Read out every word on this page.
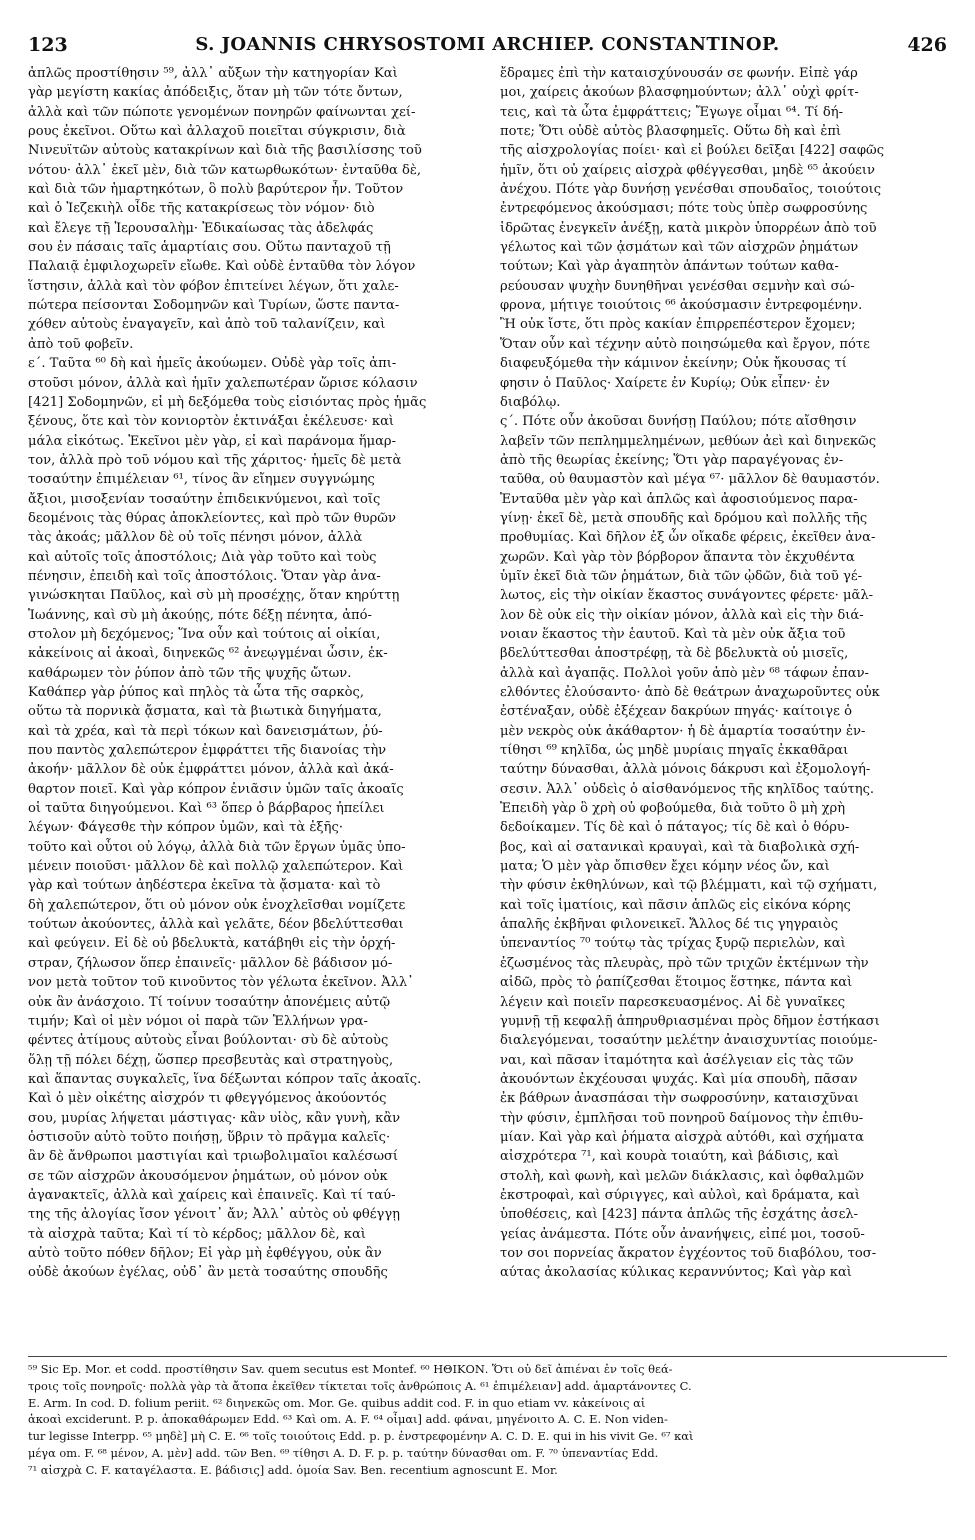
123	S. JOANNIS CHRYSOSTOMI ARCHIEP. CONSTANTINOP.	426
ἁπλῶς προστίθησιν ⁵⁹, ἀλλ᾽ αὔξων τὴν κατηγορίαν Καὶ
γὰρ μεγίστη κακίας ἀπόδειξις, ὅταν μὴ τῶν τότε ὄντων,
ἀλλὰ καὶ τῶν πώποτε γενομένων πονηρῶν φαίνωνται χεί-
ρους ἐκεῖνοι. Οὕτω καὶ ἀλλαχοῦ ποιεῖται σύγκρισιν, διὰ
Νινευϊτῶν αὐτοὺς κατακρίνων καὶ διὰ τῆς βασιλίσσης τοῦ
νότου· ἀλλ᾽ ἐκεῖ μὲν, διὰ τῶν κατωρθωκότων· ἐνταῦθα δὲ,
καὶ διὰ τῶν ἡμαρτηκότων, ὃ πολὺ βαρύτερον ἦν. Τοῦτον
καὶ ὁ Ἰεζεκιὴλ οἶδε τῆς κατακρίσεως τὸν νόμον· διὸ
καὶ ἔλεγε τῇ Ἱερουσαλὴμ· Ἐδικαίωσας τὰς ἀδελφάς
σου ἐν πάσαις ταῖς ἁμαρτίαις σου. Οὕτω πανταχοῦ τῇ
Παλαιᾷ ἐμφιλοχωρεῖν εἴωθε. Καὶ οὐδὲ ἐνταῦθα τὸν λόγον
ἵστησιν, ἀλλὰ καὶ τὸν φόβον ἐπιτείνει λέγων, ὅτι χαλε-
πώτερα πείσονται Σοδομηνῶν καὶ Τυρίων, ὥστε παντα-
χόθεν αὐτοὺς ἐναγαγεῖν, καὶ ἀπὸ τοῦ ταλανίζειν, καὶ
ἀπὸ τοῦ φοβεῖν.
ε΄. Ταῦτα ⁶⁰ δὴ καὶ ἡμεῖς ἀκούωμεν. Οὐδὲ γὰρ τοῖς ἀπι-
στοῦσι μόνον, ἀλλὰ καὶ ἡμῖν χαλεπωτέραν ὥρισε κόλασιν
[421] Σοδομηνῶν, εἰ μὴ δεξόμεθα τοὺς εἰσιόντας πρὸς ἡμᾶς
ξένους, ὅτε καὶ τὸν κονιορτὸν ἐκτινάξαι ἐκέλευσε· καὶ
μάλα εἰκότως. Ἐκεῖνοι μὲν γὰρ, εἰ καὶ παράνομα ἥμαρ-
τον, ἀλλὰ πρὸ τοῦ νόμου καὶ τῆς χάριτος· ἡμεῖς δὲ μετὰ
τοσαύτην ἐπιμέλειαν ⁶¹, τίνος ἂν εἴημεν συγγνώμης
ἄξιοι, μισοξενίαν τοσαύτην ἐπιδεικνύμενοι, καὶ τοῖς
δεομένοις τὰς θύρας ἀποκλείοντες, καὶ πρὸ τῶν θυρῶν
τὰς ἀκοάς; μᾶλλον δὲ οὐ τοῖς πένησι μόνον, ἀλλὰ
καὶ αὐτοῖς τοῖς ἀποστόλοις; Διὰ γὰρ τοῦτο καὶ τοὺς
πένησιν, ἐπειδὴ καὶ τοῖς ἀποστόλοις. Ὅταν γὰρ ἀνα-
γινώσκηται Παῦλος, καὶ σὺ μὴ προσέχῃς, ὅταν κηρύττῃ
Ἰωάννης, καὶ σὺ μὴ ἀκούῃς, πότε δέξῃ πένητα, ἀπό-
στολον μὴ δεχόμενος; Ἵνα οὖν καὶ τούτοις αἱ οἰκίαι,
κἀκείνοις αἱ ἀκοαὶ, διηνεκῶς ⁶² ἀνεῳγμέναι ὦσιν, ἐκ-
καθάρωμεν τὸν ῥύπον ἀπὸ τῶν τῆς ψυχῆς ὤτων.
Καθάπερ γὰρ ῥύπος καὶ πηλὸς τὰ ὦτα τῆς σαρκὸς,
οὕτω τὰ πορνικὰ ᾄσματα, καὶ τὰ βιωτικὰ διηγήματα,
καὶ τὰ χρέα, καὶ τὰ περὶ τόκων καὶ δανεισμάτων, ῥύ-
που παντὸς χαλεπώτερον ἐμφράττει τῆς διανοίας τὴν
ἀκοήν· μᾶλλον δὲ οὐκ ἐμφράττει μόνον, ἀλλὰ καὶ ἀκά-
θαρτον ποιεῖ. Καὶ γὰρ κόπρον ἐνιᾶσιν ὑμῶν ταῖς ἀκοαῖς
οἱ ταῦτα διηγούμενοι. Καὶ ⁶³ ὅπερ ὁ βάρβαρος ἠπείλει
λέγων· Φάγεσθε τὴν κόπρον ὑμῶν, καὶ τὰ ἑξῆς·
τοῦτο καὶ οὗτοι οὐ λόγῳ, ἀλλὰ διὰ τῶν ἔργων ὑμᾶς ὑπο-
μένειν ποιοῦσι· μᾶλλον δὲ καὶ πολλῷ χαλεπώτερον. Καὶ
γὰρ καὶ τούτων ἀηδέστερα ἐκεῖνα τὰ ᾄσματα· καὶ τὸ
δὴ χαλεπώτερον, ὅτι οὐ μόνον οὐκ ἐνοχλεῖσθαι νομίζετε
τούτων ἀκούοντες, ἀλλὰ καὶ γελᾶτε, δέον βδελύττεσθαι
καὶ φεύγειν. Εἰ δὲ οὐ βδελυκτὰ, κατάβηθι εἰς τὴν ὀρχή-
στραν, ζήλωσον ὅπερ ἐπαινεῖς· μᾶλλον δὲ βάδισον μό-
νον μετὰ τοῦτον τοῦ κινοῦντος τὸν γέλωτα ἐκεῖνον. Ἀλλ᾽
οὐκ ἂν ἀνάσχοιο. Τί τοίνυν τοσαύτην ἀπονέμεις αὐτῷ
τιμήν; Καὶ οἱ μὲν νόμοι οἱ παρὰ τῶν Ἑλλήνων γρα-
φέντες ἀτίμους αὐτοὺς εἶναι βούλονται· σὺ δὲ αὐτοὺς
ὅλῃ τῇ πόλει δέχῃ, ὥσπερ πρεσβευτὰς καὶ στρατηγοὺς,
καὶ ἅπαντας συγκαλεῖς, ἵνα δέξωνται κόπρον ταῖς ἀκοαῖς.
Καὶ ὁ μὲν οἰκέτης αἰσχρόν τι φθεγγόμενος ἀκούοντός
σου, μυρίας λήψεται μάστιγας· κἂν υἱὸς, κἂν γυνὴ, κἂν
ὁστισοῦν αὐτὸ τοῦτο ποιήσῃ, ὕβριν τὸ πρᾶγμα καλεῖς·
ἂν δὲ ἄνθρωποι μαστιγίαι καὶ τριωβολιμαῖοι καλέσωσί
σε τῶν αἰσχρῶν ἀκουσόμενον ῥημάτων, οὐ μόνον οὐκ
ἀγανακτεῖς, ἀλλὰ καὶ χαίρεις καὶ ἐπαινεῖς. Καὶ τί ταύ-
της τῆς ἀλογίας ἴσον γένοιτ᾽ ἄν; Ἀλλ᾽ αὐτὸς οὐ φθέγγῃ
τὰ αἰσχρὰ ταῦτα; Καὶ τί τὸ κέρδος; μᾶλλον δὲ, καὶ
αὐτὸ τοῦτο πόθεν δῆλον; Εἰ γὰρ μὴ ἐφθέγγου, οὐκ ἂν
οὐδὲ ἀκούων ἐγέλας, οὐδ᾽ ἂν μετὰ τοσαύτης σπουδῆς
ἔδραμες ἐπὶ τὴν καταισχύνουσάν σε φωνήν. Εἰπὲ γάρ
μοι, χαίρεις ἀκούων βλασφημούντων; ἀλλ᾽ οὐχὶ φρίτ-
τεις, καὶ τὰ ὦτα ἐμφράττεις; Ἔγωγε οἶμαι ⁶⁴. Τί δή-
ποτε; Ὅτι οὐδὲ αὐτὸς βλασφημεῖς. Οὕτω δὴ καὶ ἐπὶ
τῆς αἰσχρολογίας ποίει· καὶ εἰ βούλει δεῖξαι [422] σαφῶς
ἡμῖν, ὅτι οὐ χαίρεις αἰσχρὰ φθέγγεσθαι, μηδὲ ⁶⁵ ἀκούειν
ἀνέχου. Πότε γὰρ δυνήσῃ γενέσθαι σπουδαῖος, τοιούτοις
ἐντρεφόμενος ἀκούσμασι; πότε τοὺς ὑπὲρ σωφροσύνης
ἱδρῶτας ἐνεγκεῖν ἀνέξῃ, κατὰ μικρὸν ὑπορρέων ἀπὸ τοῦ
γέλωτος καὶ τῶν ᾀσμάτων καὶ τῶν αἰσχρῶν ῥημάτων
τούτων; Καὶ γὰρ ἀγαπητὸν ἁπάντων τούτων καθα-
ρεύουσαν ψυχὴν δυνηθῆναι γενέσθαι σεμνὴν καὶ σώ-
φρονα, μήτιγε τοιούτοις ⁶⁶ ἀκούσμασιν ἐντρεφομένην.
Ἢ οὐκ ἴστε, ὅτι πρὸς κακίαν ἐπιρρεπέστερον ἔχομεν;
Ὅταν οὖν καὶ τέχνην αὐτὸ ποιησώμεθα καὶ ἔργον, πότε
διαφευξόμεθα τὴν κάμινον ἐκείνην; Οὐκ ἤκουσας τί
φησιν ὁ Παῦλος· Χαίρετε ἐν Κυρίῳ; Οὐκ εἶπεν· ἐν
διαβόλῳ.
ς΄. Πότε οὖν ἀκοῦσαι δυνήσῃ Παύλου; πότε αἴσθησιν
λαβεῖν τῶν πεπλημμελημένων, μεθύων ἀεὶ καὶ διηνεκῶς
ἀπὸ τῆς θεωρίας ἐκείνης; Ὅτι γὰρ παραγέγονας ἐν-
ταῦθα, οὐ θαυμαστὸν καὶ μέγα ⁶⁷· μᾶλλον δὲ θαυμαστόν.
Ἐνταῦθα μὲν γὰρ καὶ ἁπλῶς καὶ ἀφοσιούμενος παρα-
γίνῃ· ἐκεῖ δὲ, μετὰ σπουδῆς καὶ δρόμου καὶ πολλῆς τῆς
προθυμίας. Καὶ δῆλον ἐξ ὧν οἴκαδε φέρεις, ἐκεῖθεν ἀνα-
χωρῶν. Καὶ γὰρ τὸν βόρβορον ἅπαντα τὸν ἐκχυθέντα
ὑμῖν ἐκεῖ διὰ τῶν ῥημάτων, διὰ τῶν ᾠδῶν, διὰ τοῦ γέ-
λωτος, εἰς τὴν οἰκίαν ἕκαστος συνάγοντες φέρετε· μᾶλ-
λον δὲ οὐκ εἰς τὴν οἰκίαν μόνον, ἀλλὰ καὶ εἰς τὴν διά-
νοιαν ἕκαστος τὴν ἑαυτοῦ. Καὶ τὰ μὲν οὐκ ἄξια τοῦ
βδελύττεσθαι ἀποστρέφῃ, τὰ δὲ βδελυκτὰ οὐ μισεῖς,
ἀλλὰ καὶ ἀγαπᾷς. Πολλοὶ γοῦν ἀπὸ μὲν ⁶⁸ τάφων ἐπαν-
ελθόντες ἐλούσαντο· ἀπὸ δὲ θεάτρων ἀναχωροῦντες οὐκ
ἐστέναξαν, οὐδὲ ἐξέχεαν δακρύων πηγάς· καίτοιγε ὁ
μὲν νεκρὸς οὐκ ἀκάθαρτον· ἡ δὲ ἁμαρτία τοσαύτην ἐν-
τίθησι ⁶⁹ κηλῖδα, ὡς μηδὲ μυρίαις πηγαῖς ἐκκαθᾶραι
ταύτην δύνασθαι, ἀλλὰ μόνοις δάκρυσι καὶ ἐξομολογή-
σεσιν. Ἀλλ᾽ οὐδεὶς ὁ αἰσθανόμενος τῆς κηλῖδος ταύτης.
Ἐπειδὴ γὰρ ὃ χρὴ οὐ φοβούμεθα, διὰ τοῦτο ὃ μὴ χρὴ
δεδοίκαμεν. Τίς δὲ καὶ ὁ πάταγος; τίς δὲ καὶ ὁ θόρυ-
βος, καὶ αἱ σατανικαὶ κραυγαὶ, καὶ τὰ διαβολικὰ σχή-
ματα; Ὁ μὲν γὰρ ὄπισθεν ἔχει κόμην νέος ὤν, καὶ
τὴν φύσιν ἐκθηλύνων, καὶ τῷ βλέμματι, καὶ τῷ σχήματι,
καὶ τοῖς ἱματίοις, καὶ πᾶσιν ἁπλῶς εἰς εἰκόνα κόρης
ἁπαλῆς ἐκβῆναι φιλονεικεῖ. Ἄλλος δέ τις γηγραιὸς
ὑπεναντίος ⁷⁰ τούτῳ τὰς τρίχας ξυρῷ περιελὼν, καὶ
ἐζωσμένος τὰς πλευρὰς, πρὸ τῶν τριχῶν ἐκτέμνων τὴν
αἰδῶ, πρὸς τὸ ῥαπίζεσθαι ἕτοιμος ἕστηκε, πάντα καὶ
λέγειν καὶ ποιεῖν παρεσκευασμένος. Αἱ δὲ γυναῖκες
γυμνῇ τῇ κεφαλῇ ἀπηρυθριασμέναι πρὸς δῆμον ἑστήκασι
διαλεγόμεναι, τοσαύτην μελέτην ἀναισχυντίας ποιούμε-
ναι, καὶ πᾶσαν ἰταμότητα καὶ ἀσέλγειαν εἰς τὰς τῶν
ἀκουόντων ἐκχέουσαι ψυχάς. Καὶ μία σπουδὴ, πᾶσαν
ἐκ βάθρων ἀνασπάσαι τὴν σωφροσύνην, καταισχῦναι
τὴν φύσιν, ἐμπλῆσαι τοῦ πονηροῦ δαίμονος τὴν ἐπιθυ-
μίαν. Καὶ γὰρ καὶ ῥήματα αἰσχρὰ αὐτόθι, καὶ σχήματα
αἰσχρότερα ⁷¹, καὶ κουρὰ τοιαύτη, καὶ βάδισις, καὶ
στολὴ, καὶ φωνὴ, καὶ μελῶν διάκλασις, καὶ ὀφθαλμῶν
ἐκστροφαὶ, καὶ σύριγγες, καὶ αὐλοὶ, καὶ δράματα, καὶ
ὑποθέσεις, καὶ [423] πάντα ἁπλῶς τῆς ἐσχάτης ἀσελ-
γείας ἀνάμεστα. Πότε οὖν ἀνανήψεις, εἰπέ μοι, τοσοῦ-
τον σοι πορνείας ἄκρατον ἐγχέοντος τοῦ διαβόλου, τοσ-
αύτας ἀκολασίας κύλικας κεραννύντος; Καὶ γὰρ καὶ
⁵⁹ Sic Ep. Mor. et codd. προστίθησιν Sav. quem secutus est Montef. ⁶⁰ ΗΘΙΚΟΝ. Ὅτι οὐ δεῖ ἀπιέναι ἐν τοῖς θεά-
τροις τοῖς πονηροῖς· πολλὰ γὰρ τὰ ἄτοπα ἐκεῖθεν τίκτεται τοῖς ἀνθρώποις A. ⁶¹ ἐπιμέλειαν] add. ἁμαρτάνοντες C.
E. Arm. In cod. D. folium periit. ⁶² διηνεκῶς om. Mor. Ge. quibus addit cod. F. in quo etiam vv. κἀκείνοις αἱ
ἀκοαὶ exciderunt. P. p. ἀποκαθάρωμεν Edd. ⁶³ Καὶ om. A. F. ⁶⁴ οἶμαι] add. φάναι, μηγένοιτο A. C. E. Non viden-
tur legisse Interpp. ⁶⁵ μηδὲ] μὴ C. E. ⁶⁶ τοῖς τοιούτοις Edd. p. p. ἐνστρεφομένην A. C. D. E. qui in his vivit Ge. ⁶⁷ καὶ
μέγα om. F. ⁶⁸ μένον, A. μὲν] add. τῶν Ben. ⁶⁹ τίθησι A. D. F. p. p. ταύτην δύνασθαι om. F. ⁷⁰ ὑπεναντίας Edd.
⁷¹ αἰσχρὰ C. F. καταγέλαστα. E. βάδισις] add. ὁμοία Sav. Ben. recentium agnoscunt E. Mor.
